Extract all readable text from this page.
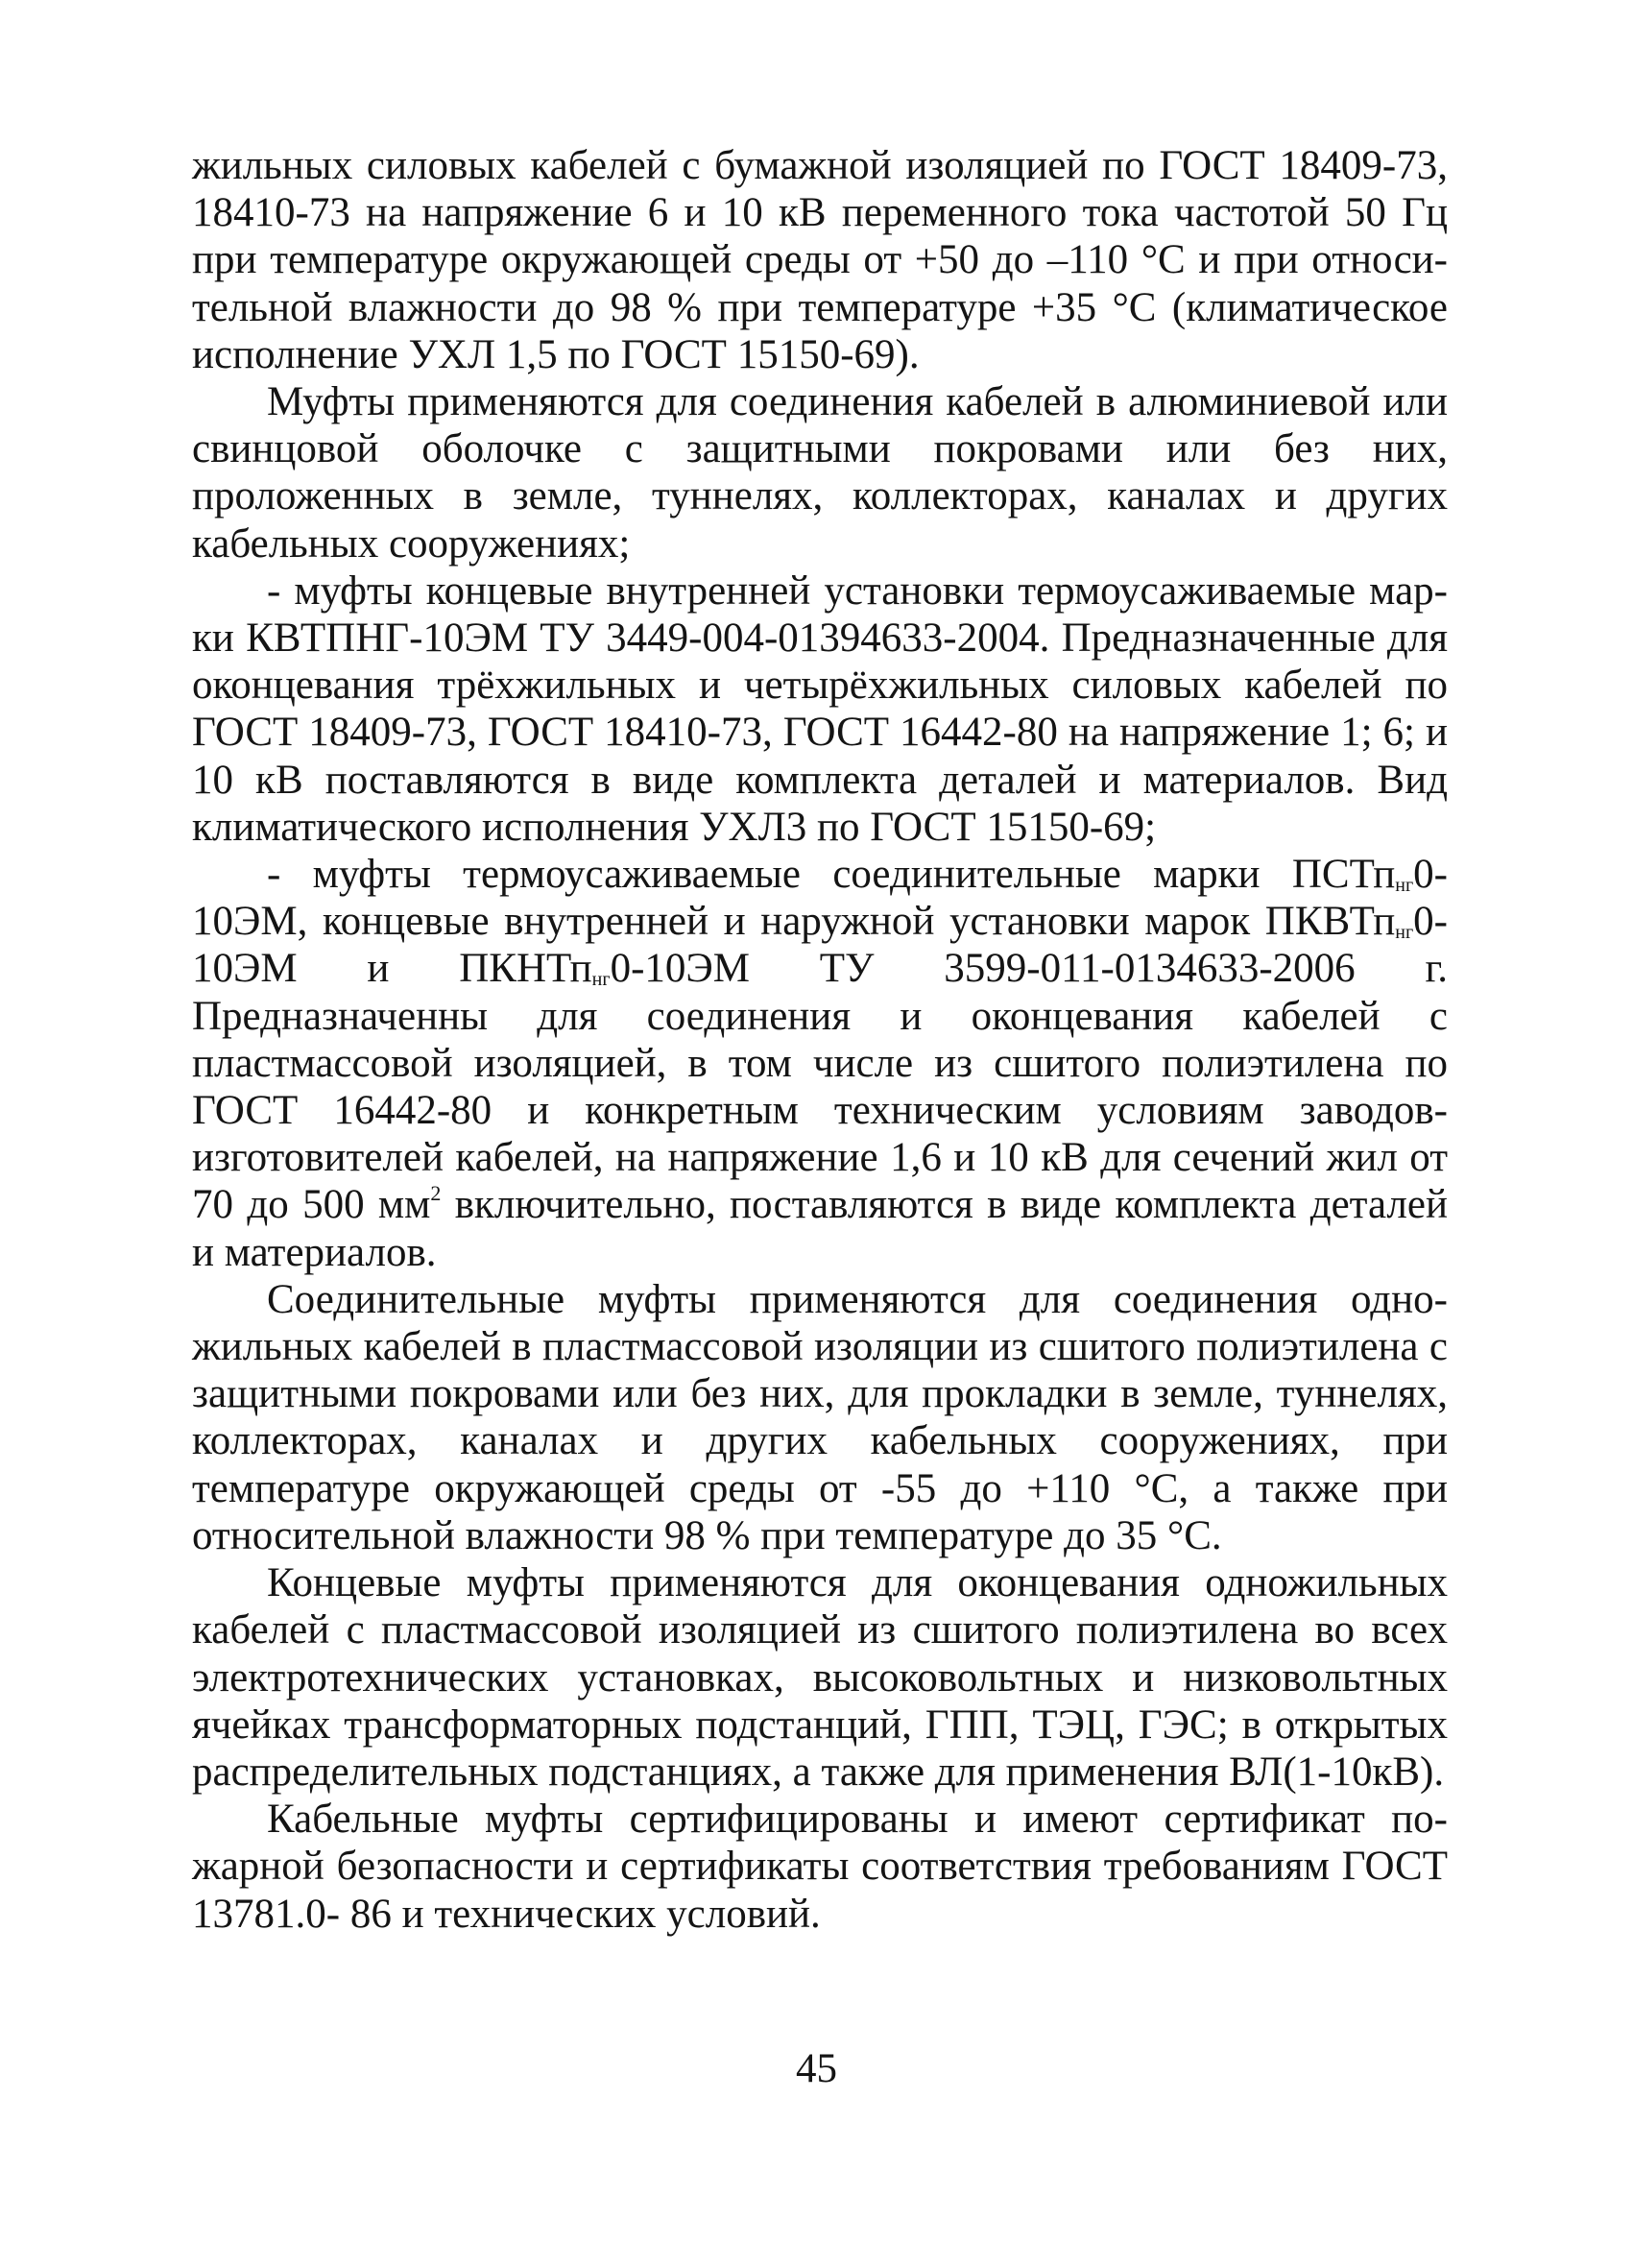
жильных силовых кабелей с бумажной изоляцией по ГОСТ 18409-73, 18410-73 на напряжение 6 и 10 кВ переменного тока частотой 50 Гц при температуре окружающей среды от +50 до –110 °С и при относительной влажности до 98 % при температуре +35 °С (климатическое исполнение УХЛ 1,5 по ГОСТ 15150-69).

Муфты применяются для соединения кабелей в алюминиевой или свинцовой оболочке с защитными покровами или без них, проложенных в земле, туннелях, коллекторах, каналах и других кабельных сооружениях;

- муфты концевые внутренней установки термоусаживаемые марки КВТПНГ-10ЭМ ТУ 3449-004-01394633-2004. Предназначенные для оконцевания трёхжильных и четырёхжильных силовых кабелей по ГОСТ 18409-73, ГОСТ 18410-73, ГОСТ 16442-80 на напряжение 1; 6; и 10 кВ поставляются в виде комплекта деталей и материалов. Вид климатического исполнения УХЛ3 по ГОСТ 15150-69;

- муфты термоусаживаемые соединительные марки ПСТп$_{нг}$0-10ЭМ, концевые внутренней и наружной установки марок ПКВТп$_{нг}$0-10ЭМ и ПКНТп$_{нг}$0-10ЭМ ТУ 3599-011-0134633-2006 г. Предназначенны для соединения и оконцевания кабелей с пластмассовой изоляцией, в том числе из сшитого полиэтилена по ГОСТ 16442-80 и конкретным техническим условиям заводов-изготовителей кабелей, на напряжение 1,6 и 10 кВ для сечений жил от 70 до 500 $мм^2$ включительно, поставляются в виде комплекта деталей и материалов.

Соединительные муфты применяются для соединения одножильных кабелей в пластмассовой изоляции из сшитого полиэтилена с защитными покровами или без них, для прокладки в земле, туннелях, коллекторах, каналах и других кабельных сооружениях, при температуре окружающей среды от -55 до +110 °С, а также при относительной влажности 98 % при температуре до 35 °С.

Концевые муфты применяются для оконцевания одножильных кабелей с пластмассовой изоляцией из сшитого полиэтилена во всех электротехнических установках, высоковольтных и низковольтных ячейках трансформаторных подстанций, ГПП, ТЭЦ, ГЭС; в открытых распределительных подстанциях, а также для применения ВЛ(1-10кВ).

Кабельные муфты сертифицированы и имеют сертификат пожарной безопасности и сертификаты соответствия требованиям ГОСТ 13781.0- 86 и технических условий.

45
